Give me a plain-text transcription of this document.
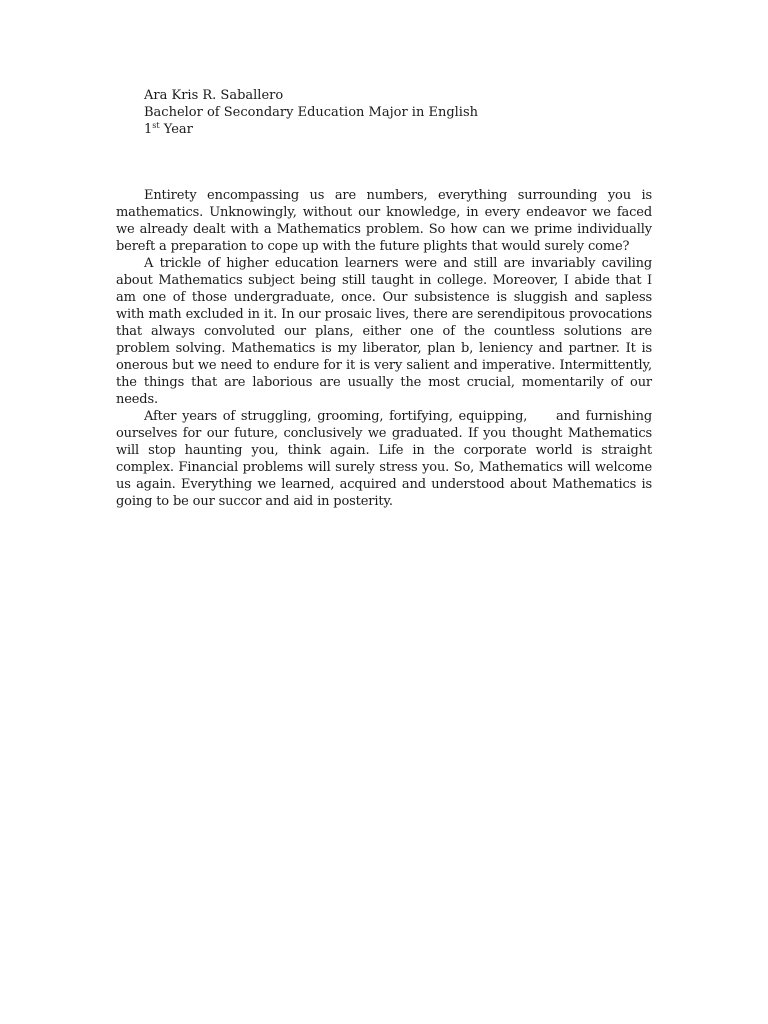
Ara Kris R. Saballero
Bachelor of Secondary Education Major in English
1st Year

Entirety encompassing us are numbers, everything surrounding you is mathematics. Unknowingly, without our knowledge, in every endeavor we faced we already dealt with a Mathematics problem. So how can we prime individually bereft a preparation to cope up with the future plights that would surely come?

A trickle of higher education learners were and still are invariably caviling about Mathematics subject being still taught in college. Moreover, I abide that I am one of those undergraduate, once. Our subsistence is sluggish and sapless with math excluded in it. In our prosaic lives, there are serendipitous provocations that always convoluted our plans, either one of the countless solutions are problem solving. Mathematics is my liberator, plan b, leniency and partner. It is onerous but we need to endure for it is very salient and imperative. Intermittently, the things that are laborious are usually the most crucial, momentarily of our needs.

After years of struggling, grooming, fortifying, equipping,     and furnishing ourselves for our future, conclusively we graduated. If you thought Mathematics will stop haunting you, think again. Life in the corporate world is straight complex. Financial problems will surely stress you. So, Mathematics will welcome us again. Everything we learned, acquired and understood about Mathematics is going to be our succor and aid in posterity.
